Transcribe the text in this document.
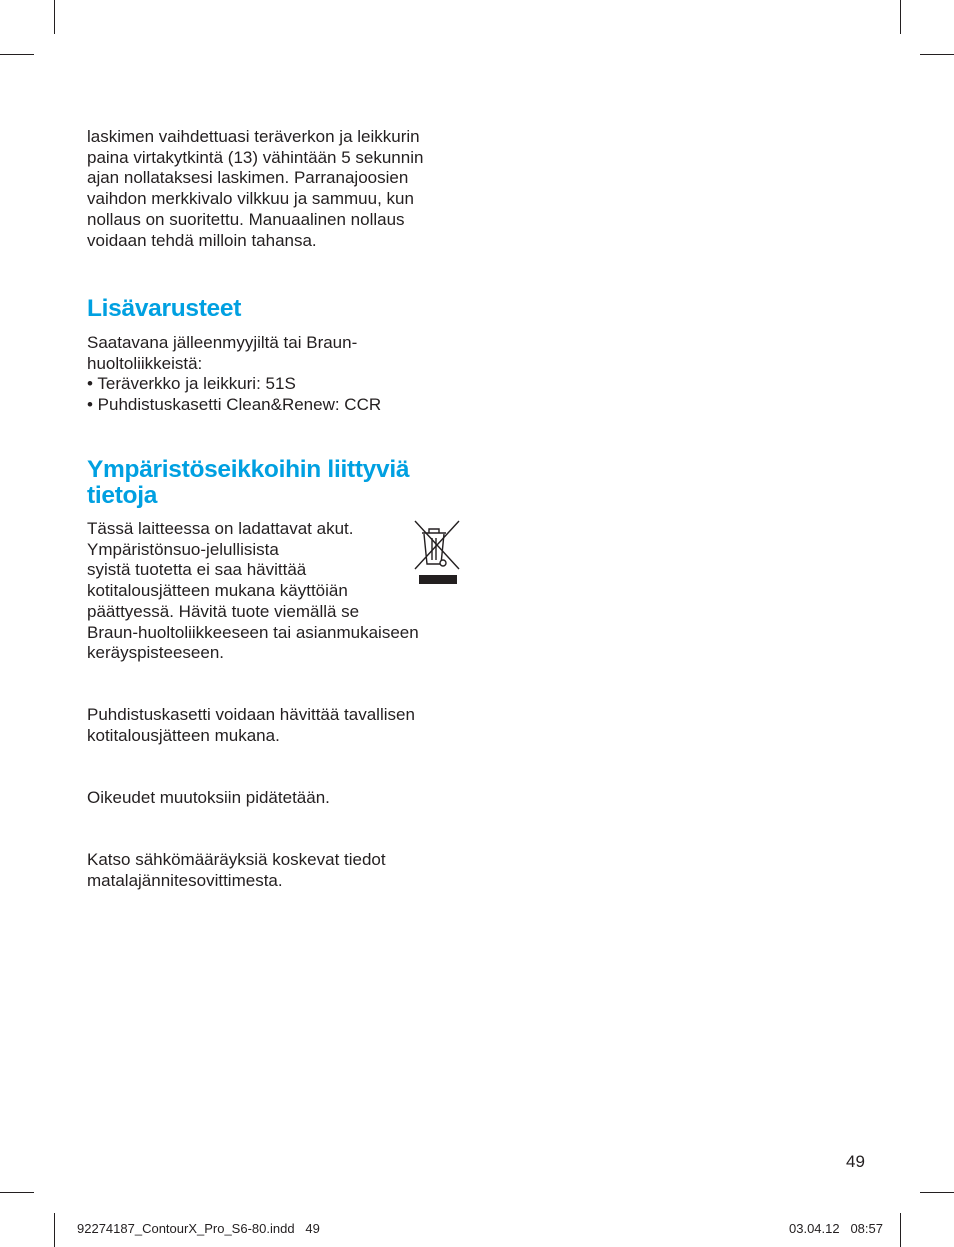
laskimen vaihdettuasi teräverkon ja leikkurin
paina virtakytkintä (13) vähintään 5 sekunnin
ajan nollataksesi laskimen. Parranajoosien
vaihdon merkkivalo vilkkuu ja sammuu, kun
nollaus on suoritettu. Manuaalinen nollaus
voidaan tehdä milloin tahansa.

Lisävarusteet

Saatavana jälleenmyyjiltä tai Braun-
huoltoliikkeistä:

• Teräverkko ja leikkuri: 51S
• Puhdistuskasetti Clean&Renew: CCR
Ympäristöseikkoihin liittyviä
tietoja

Tässä laitteessa on ladattavat akut.
Ympäristönsuo-jelullisista
syistä tuotetta ei saa hävittää
kotitalousjätteen mukana käyttöiän
päättyessä. Hävitä tuote viemällä se
Braun-huoltoliikkeeseen tai asianmukaiseen
keräyspisteeseen.

Puhdistuskasetti voidaan hävittää tavallisen
kotitalousjätteen mukana.

Oikeudet muutoksiin pidätetään.

Katso sähkömääräyksiä koskevat tiedot
matalajännitesovittimesta.

49
92274187_ContourX_Pro_S6-80.indd   49	03.04.12   08:57
